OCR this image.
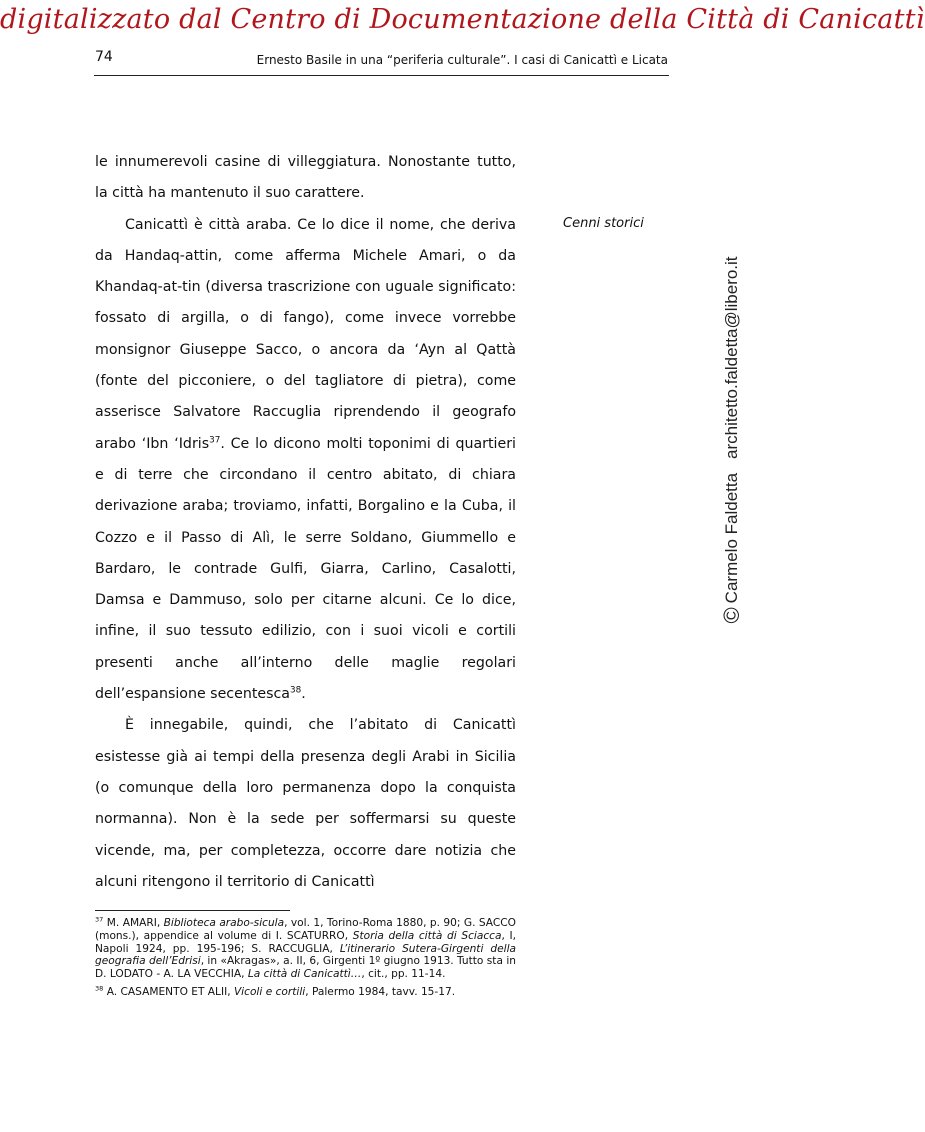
digitalizzato dal Centro di Documentazione della Città di Canicattì
74	Ernesto Basile in una “periferia culturale”. I casi di Canicattì e Licata

le innumerevoli casine di villeggiatura. Nonostante tutto, la città ha mantenuto il suo carattere.

Canicattì è città araba. Ce lo dice il nome, che deriva da Handaq-attin, come afferma Michele Amari, o da Khandaq-at-tin (diversa trascrizione con uguale significato: fossato di argilla, o di fango), come invece vorrebbe monsignor Giuseppe Sacco, o ancora da ‘Ayn al Qattà (fonte del picconiere, o del tagliatore di pietra), come asserisce Salvatore Raccuglia riprendendo il geografo arabo ‘Ibn ‘Idris$^{37}$. Ce lo dicono molti toponimi di quartieri e di terre che circondano il centro abitato, di chiara derivazione araba; troviamo, infatti, Borgalino e la Cuba, il Cozzo e il Passo di Alì, le serre Soldano, Giummello e Bardaro, le contrade Gulfi, Giarra, Carlino, Casalotti, Damsa e Dammuso, solo per citarne alcuni. Ce lo dice, infine, il suo tessuto edilizio, con i suoi vicoli e cortili presenti anche all’interno delle maglie regolari dell’espansione secentesca$^{38}$.

È innegabile, quindi, che l’abitato di Canicattì esistesse già ai tempi della presenza degli Arabi in Sicilia (o comunque della loro permanenza dopo la conquista normanna). Non è la sede per soffermarsi su queste vicende, ma, per completezza, occorre dare notizia che alcuni ritengono il territorio di Canicattì

Cenni storici
©
Carmelo Faldetta
architetto.faldetta@libero.it

$^{37}$ M. AMARI, Biblioteca arabo-sicula, vol. 1, Torino-Roma 1880, p. 90; G. SACCO (mons.), appendice al volume di I. SCATURRO, Storia della città di Sciacca, I, Napoli 1924, pp. 195-196; S. RACCUGLIA, L’itinerario Sutera-Girgenti della geografia dell’Edrisi, in «Akragas», a. II, 6, Girgenti 1º giugno 1913. Tutto sta in D. LODATO - A. LA VECCHIA, La città di Canicattì…, cit., pp. 11-14.

$^{38}$ A. CASAMENTO ET ALII, Vicoli e cortili, Palermo 1984, tavv. 15-17.
